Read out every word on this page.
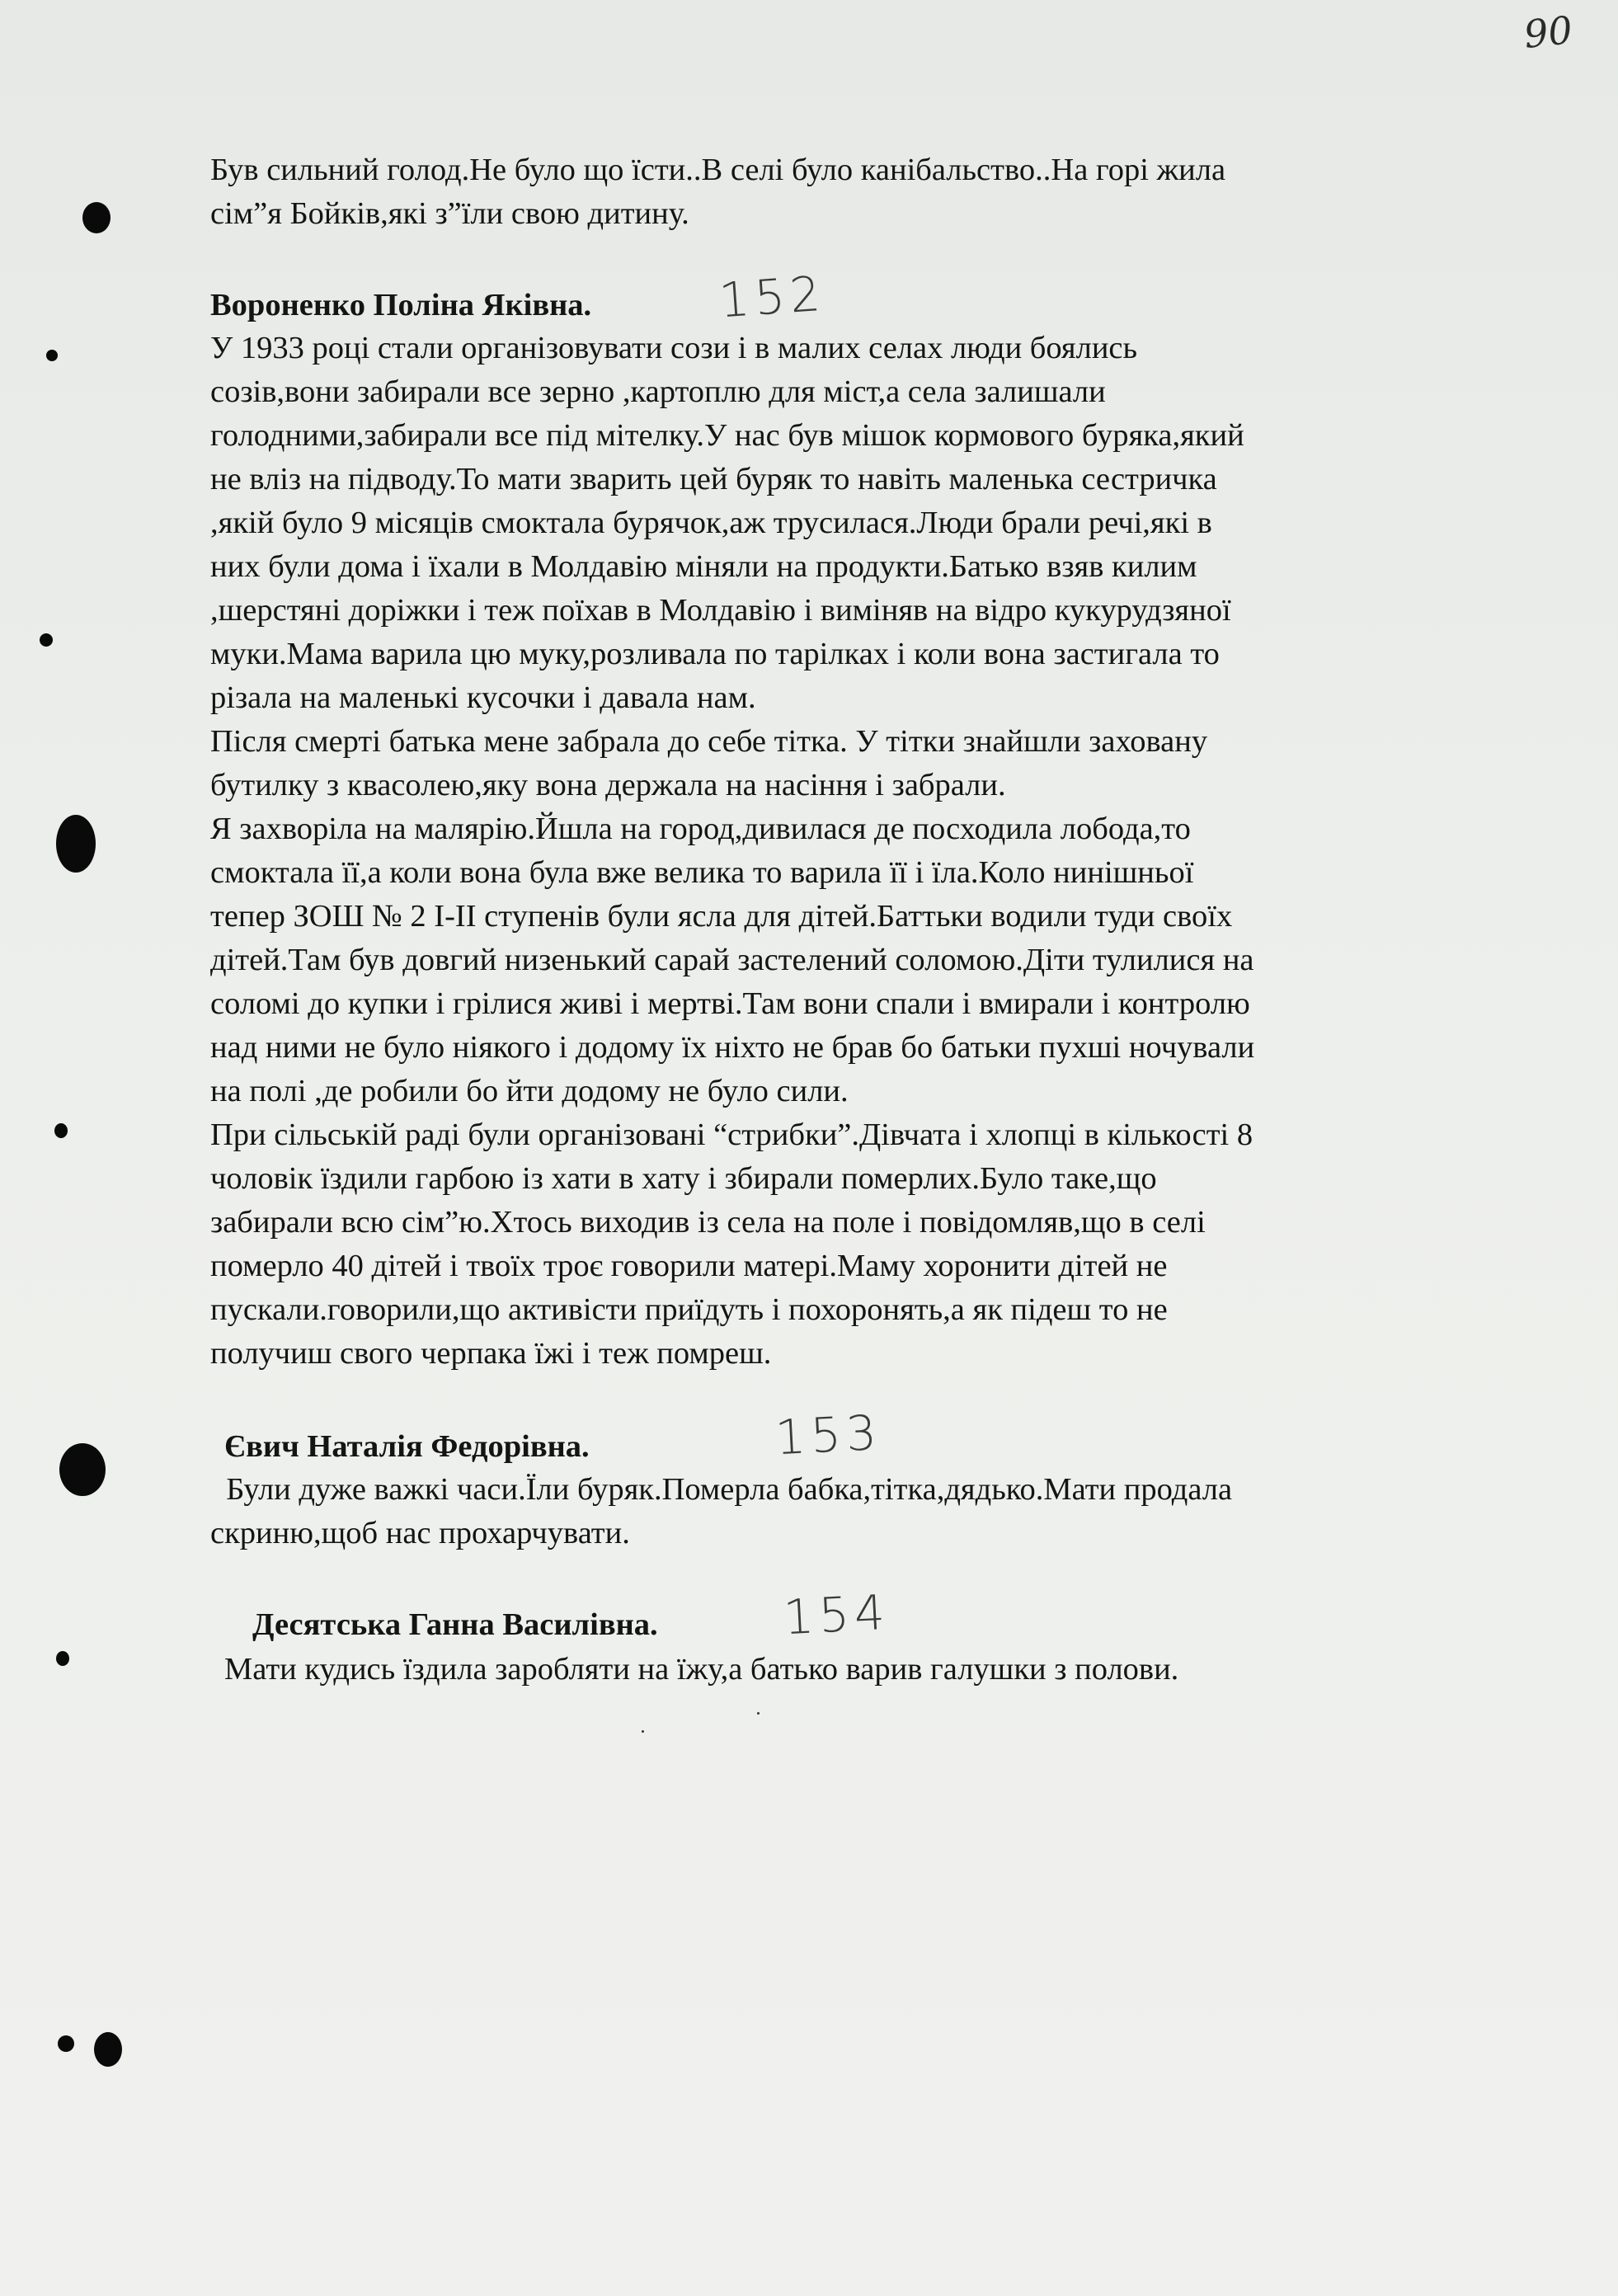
90
Був сильний голод.Не було що їсти..В селі було канібальство..На горі жила
сім”я Бойків,які з”їли свою дитину.
Вороненко Поліна Яківна.	152
У 1933 році стали організовувати сози і в малих селах люди боялись
созів,вони забирали все зерно ,картоплю для міст,а села залишали
голодними,забирали все під мітелку.У нас був мішок кормового буряка,який
не вліз на підводу.То мати зварить цей буряк то навіть маленька сестричка
,якій було 9 місяців смоктала бурячок,аж трусилася.Люди брали речі,які в
них були дома і їхали в Молдавію міняли на продукти.Батько взяв килим
,шерстяні доріжки і теж поїхав в Молдавію і виміняв на відро кукурудзяної
муки.Мама варила цю муку,розливала по тарілках і коли вона застигала то
різала на маленькі кусочки і давала нам.
Після смерті батька мене забрала до себе тітка. У тітки знайшли заховану
бутилку з квасолею,яку вона держала на насіння і забрали.
Я захворіла на малярію.Йшла на город,дивилася де посходила лобода,то
смоктала її,а коли вона була вже велика то варила її і їла.Коло нинішньої
тепер ЗОШ № 2 І-ІІ ступенів були ясла для дітей.Баттьки водили туди своїх
дітей.Там був довгий низенький сарай застелений соломою.Діти тулилися на
соломі до купки і грілися живі і мертві.Там вони спали і вмирали і контролю
над ними не було ніякого і додому їх ніхто не брав бо батьки пухші ночували
на полі ,де робили бо йти додому не було сили.
При сільській раді були організовані “стрибки”.Дівчата і хлопці в кількості 8
чоловік їздили гарбою із хати в хату і збирали померлих.Було таке,що
забирали всю сім”ю.Хтось виходив із села на поле і повідомляв,що в селі
померло 40 дітей і твоїх троє говорили матері.Маму хоронити дітей не
пускали.говорили,що активісти приїдуть і похоронять,а як підеш то не
получиш свого черпака їжі і теж помреш.
Євич Наталія Федорівна.	153
Були дуже важкі часи.Їли буряк.Померла бабка,тітка,дядько.Мати продала
скриню,щоб нас прохарчувати.
Десятська Ганна Василівна.	154
Мати кудись їздила заробляти на їжу,а батько варив галушки з полови.
